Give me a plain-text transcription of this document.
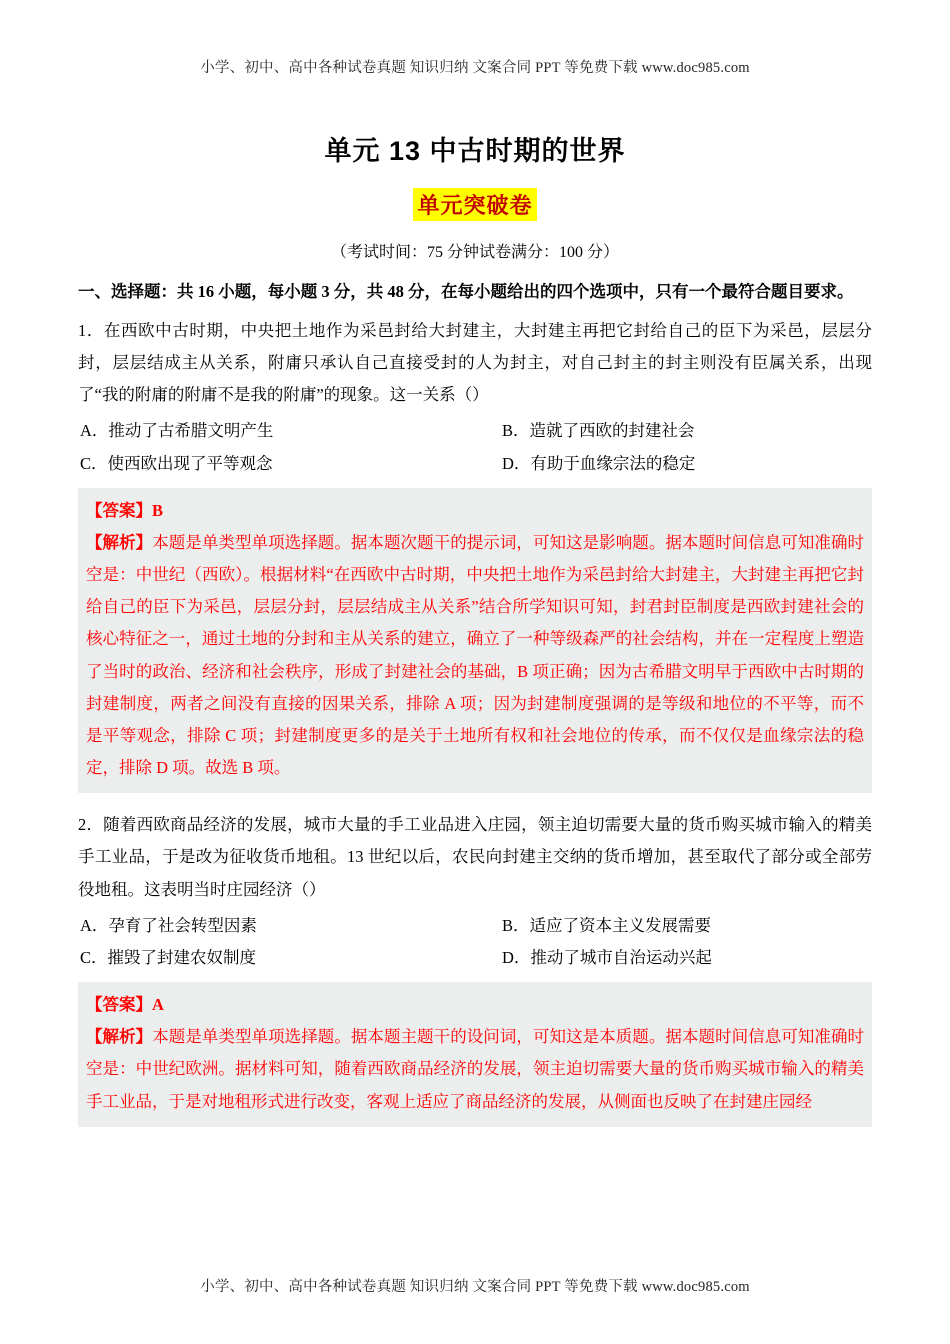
小学、初中、高中各种试卷真题 知识归纳 文案合同 PPT 等免费下载 www.doc985.com
单元 13 中古时期的世界
单元突破卷
（考试时间：75 分钟试卷满分：100 分）
一、选择题：共 16 小题，每小题 3 分，共 48 分，在每小题给出的四个选项中，只有一个最符合题目要求。
1．在西欧中古时期，中央把土地作为采邑封给大封建主，大封建主再把它封给自己的臣下为采邑，层层分封，层层结成主从关系，附庸只承认自己直接受封的人为封主，对自己封主的封主则没有臣属关系，出现了“我的附庸的附庸不是我的附庸”的现象。这一关系（）
A．推动了古希腊文明产生	B．造就了西欧的封建社会
C．使西欧出现了平等观念	D．有助于血缘宗法的稳定
【答案】B
【解析】本题是单类型单项选择题。据本题次题干的提示词，可知这是影响题。据本题时间信息可知准确时空是：中世纪（西欧）。根据材料“在西欧中古时期，中央把土地作为采邑封给大封建主，大封建主再把它封给自己的臣下为采邑，层层分封，层层结成主从关系”结合所学知识可知，封君封臣制度是西欧封建社会的核心特征之一，通过土地的分封和主从关系的建立，确立了一种等级森严的社会结构，并在一定程度上塑造了当时的政治、经济和社会秩序，形成了封建社会的基础，B 项正确；因为古希腊文明早于西欧中古时期的封建制度，两者之间没有直接的因果关系，排除 A 项；因为封建制度强调的是等级和地位的不平等，而不是平等观念，排除 C 项；封建制度更多的是关于土地所有权和社会地位的传承，而不仅仅是血缘宗法的稳定，排除 D 项。故选 B 项。
2．随着西欧商品经济的发展，城市大量的手工业品进入庄园，领主迫切需要大量的货币购买城市输入的精美手工业品，于是改为征收货币地租。13 世纪以后，农民向封建主交纳的货币增加，甚至取代了部分或全部劳役地租。这表明当时庄园经济（）
A．孕育了社会转型因素	B．适应了资本主义发展需要
C．摧毁了封建农奴制度	D．推动了城市自治运动兴起
【答案】A
【解析】本题是单类型单项选择题。据本题主题干的设问词，可知这是本质题。据本题时间信息可知准确时空是：中世纪欧洲。据材料可知，随着西欧商品经济的发展，领主迫切需要大量的货币购买城市输入的精美手工业品，于是对地租形式进行改变，客观上适应了商品经济的发展，从侧面也反映了在封建庄园经
小学、初中、高中各种试卷真题 知识归纳 文案合同 PPT 等免费下载 www.doc985.com
